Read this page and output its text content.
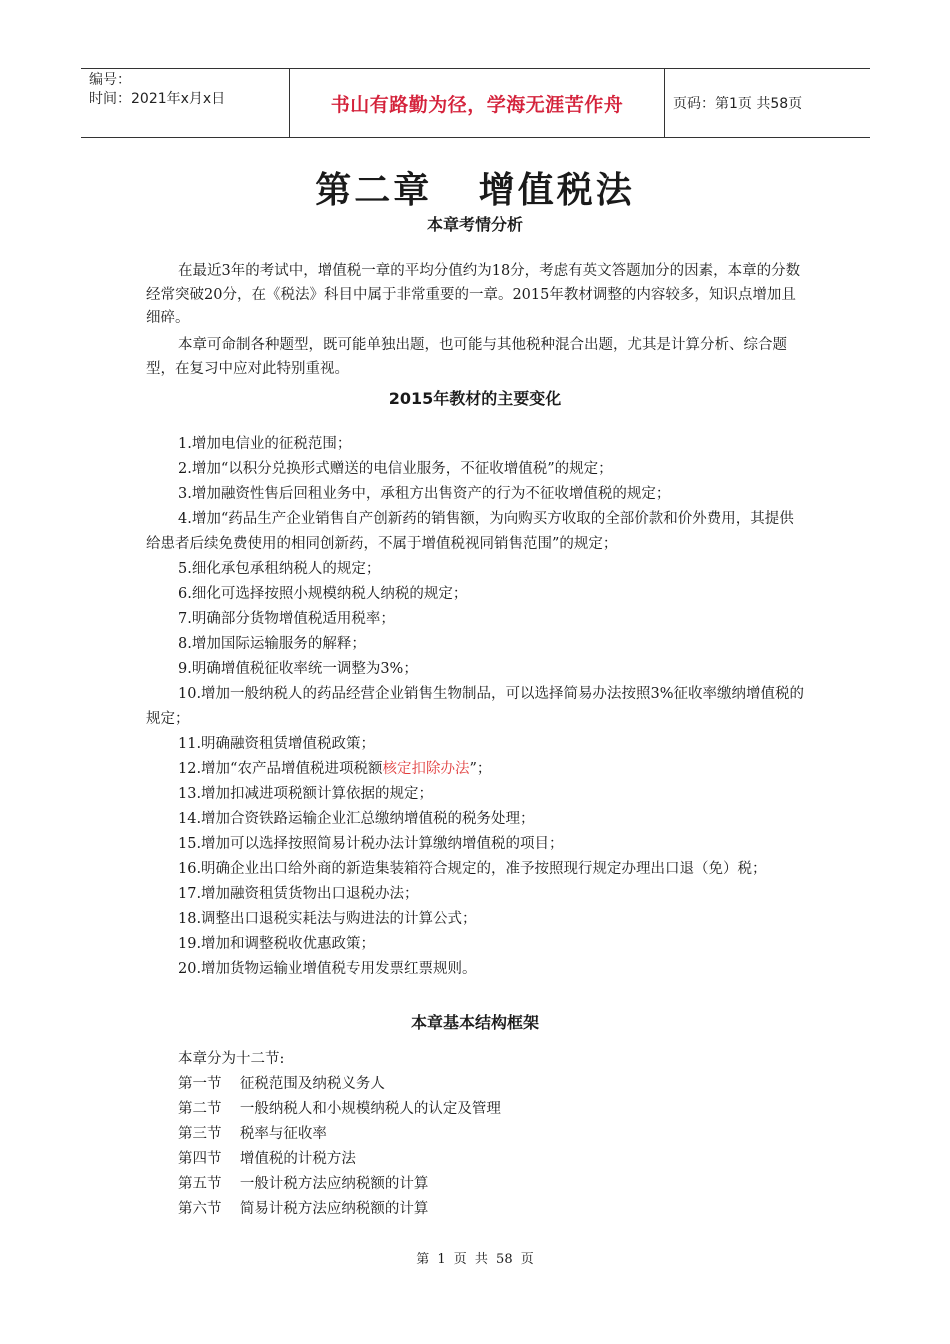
编号：
时间：2021年x月x日	书山有路勤为径，学海无涯苦作舟	页码：第1页 共58页
第二章   增值税法
本章考情分析

在最近3年的考试中，增值税一章的平均分值约为18分，考虑有英文答题加分的因素，本章的分数经常突破20分，在《税法》科目中属于非常重要的一章。2015年教材调整的内容较多，知识点增加且细碎。

本章可命制各种题型，既可能单独出题，也可能与其他税种混合出题，尤其是计算分析、综合题型，在复习中应对此特别重视。

2015年教材的主要变化

1.增加电信业的征税范围；

2.增加“以积分兑换形式赠送的电信业服务，不征收增值税”的规定；

3.增加融资性售后回租业务中，承租方出售资产的行为不征收增值税的规定；

4.增加“药品生产企业销售自产创新药的销售额，为向购买方收取的全部价款和价外费用，其提供给患者后续免费使用的相同创新药，不属于增值税视同销售范围”的规定；

5.细化承包承租纳税人的规定；

6.细化可选择按照小规模纳税人纳税的规定；

7.明确部分货物增值税适用税率；

8.增加国际运输服务的解释；

9.明确增值税征收率统一调整为3%；

10.增加一般纳税人的药品经营企业销售生物制品，可以选择简易办法按照3%征收率缴纳增值税的规定；

11.明确融资租赁增值税政策；

12.增加“农产品增值税进项税额核定扣除办法”；

13.增加扣减进项税额计算依据的规定；

14.增加合资铁路运输企业汇总缴纳增值税的税务处理；

15.增加可以选择按照简易计税办法计算缴纳增值税的项目；

16.明确企业出口给外商的新造集装箱符合规定的，准予按照现行规定办理出口退（免）税；

17.增加融资租赁货物出口退税办法；

18.调整出口退税实耗法与购进法的计算公式；

19.增加和调整税收优惠政策；

20.增加货物运输业增值税专用发票红票规则。

本章基本结构框架

本章分为十二节:

第一节    征税范围及纳税义务人

第二节    一般纳税人和小规模纳税人的认定及管理

第三节    税率与征收率

第四节    增值税的计税方法

第五节    一般计税方法应纳税额的计算

第六节    简易计税方法应纳税额的计算

第 1 页 共 58 页
